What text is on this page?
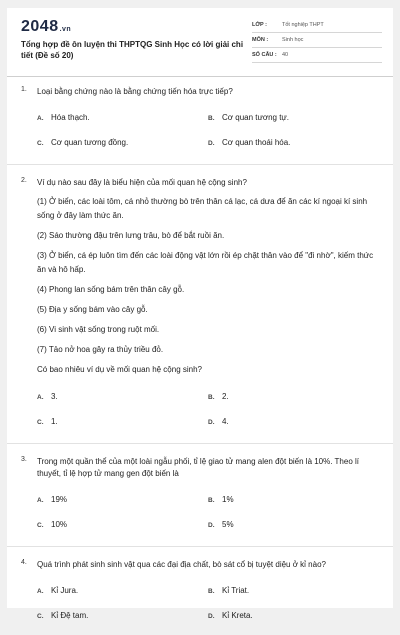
2048.vn
Tổng hợp đề ôn luyện thi THPTQG Sinh Học có lời giải chi tiết (Đề số 20)
LỚP :	Tốt nghiệp THPT
MÔN :	Sinh học
SỐ CÂU : 40
1. Loại bằng chứng nào là bằng chứng tiến hóa trực tiếp?
A. Hóa thạch.	B. Cơ quan tương tự.
C. Cơ quan tương đồng.	D. Cơ quan thoái hóa.
2. Ví dụ nào sau đây là biểu hiện của mối quan hệ cộng sinh?
(1) Ở biển, các loài tôm, cá nhỏ thường bò trên thân cá lạc, cá dưa để ăn các kí ngoại kí sinh sống ở đây làm thức ăn.
(2) Sáo thường đậu trên lưng trâu, bò để bắt ruồi ăn.
(3) Ở biển, cá ép luôn tìm đến các loài động vật lớn rồi ép chặt thân vào để "đi nhờ", kiếm thức ăn và hô hấp.
(4) Phong lan sống bám trên thân cây gỗ.
(5) Địa y sống bám vào cây gỗ.
(6) Vi sinh vật sống trong ruột mối.
(7) Tảo nở hoa gây ra thủy triều đỏ.
Có bao nhiêu ví dụ về mối quan hệ cộng sinh?
A. 3.	B. 2.
C. 1.	D. 4.
3. Trong một quần thể của một loài ngẫu phối, tỉ lệ giao tử mang alen đột biến là 10%. Theo lí thuyết, tỉ lệ hợp tử mang gen đột biến là
A. 19%	B. 1%
C. 10%	D. 5%
4. Quá trình phát sinh sinh vật qua các đại địa chất, bò sát cổ bị tuyệt diệu ở kỉ nào?
A. Kỉ Jura.	B. Kỉ Triat.
C. Kỉ Đệ tam.	D. Kỉ Kreta.
